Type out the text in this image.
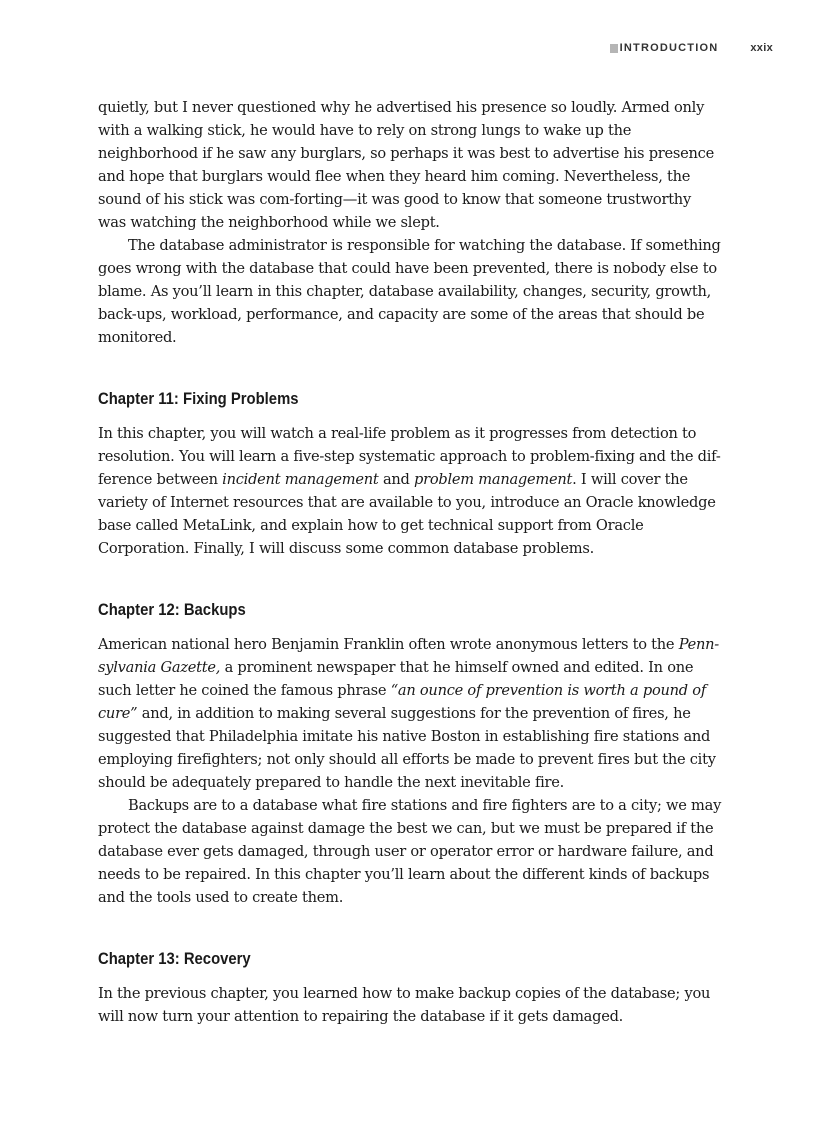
INTRODUCTION	xxix

quietly, but I never questioned why he advertised his presence so loudly. Armed only with a walking stick, he would have to rely on strong lungs to wake up the neighborhood if he saw any burglars, so perhaps it was best to advertise his presence and hope that burglars would flee when they heard him coming. Nevertheless, the sound of his stick was com-forting—it was good to know that someone trustworthy was watching the neighborhood while we slept.

The database administrator is responsible for watching the database. If something goes wrong with the database that could have been prevented, there is nobody else to blame. As you’ll learn in this chapter, database availability, changes, security, growth, back-ups, workload, performance, and capacity are some of the areas that should be monitored.

Chapter 11: Fixing Problems

In this chapter, you will watch a real-life problem as it progresses from detection to resolution. You will learn a five-step systematic approach to problem-fixing and the dif-ference between incident management and problem management. I will cover the variety of Internet resources that are available to you, introduce an Oracle knowledge base called MetaLink, and explain how to get technical support from Oracle Corporation. Finally, I will discuss some common database problems.

Chapter 12: Backups

American national hero Benjamin Franklin often wrote anonymous letters to the Penn-sylvania Gazette, a prominent newspaper that he himself owned and edited. In one such letter he coined the famous phrase “an ounce of prevention is worth a pound of cure” and, in addition to making several suggestions for the prevention of fires, he suggested that Philadelphia imitate his native Boston in establishing fire stations and employing firefighters; not only should all efforts be made to prevent fires but the city should be adequately prepared to handle the next inevitable fire.

Backups are to a database what fire stations and fire fighters are to a city; we may protect the database against damage the best we can, but we must be prepared if the database ever gets damaged, through user or operator error or hardware failure, and needs to be repaired. In this chapter you’ll learn about the different kinds of backups and the tools used to create them.

Chapter 13: Recovery

In the previous chapter, you learned how to make backup copies of the database; you will now turn your attention to repairing the database if it gets damaged.
